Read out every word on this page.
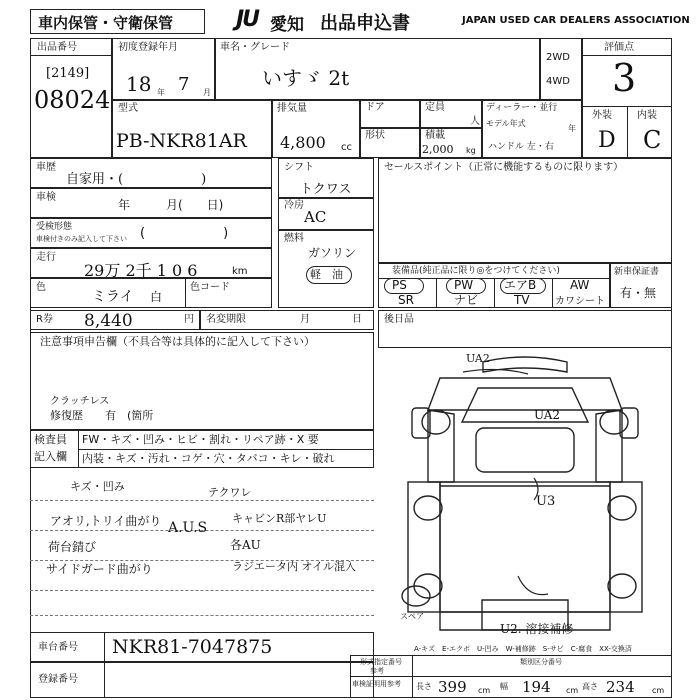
車内保管・守衛保管	JU 愛知 出品申込書	JAPAN USED CAR DEALERS ASSOCIATION
出品番号
[2149]
08024
初度登録年月
18 年 7 月
車名・グレード
いすゞ 2t
2WD
4WD
評価点
3
外装	内装
D C
型式
PB-NKR81AR
排気量
4,800 cc
ドア	定員
人
形状	積載
2,000 kg
ディーラー・並行
モデル年式
年
ハンドル 左・右
車歴
自家用・(　　　　　　)
車検
年　　　月(　　日)
受検形態
車検付きのみ記入して下さい (　　　　　　)
走行
29万 2千 1 0 6	km
色
ミライ 白
色コード
シフト
トクワス
冷房
AC
燃料
ガソリン
軽　油
セールスポイント（正常に機能するものに限ります）
装備品(純正品に限り◎をつけてください)
PS	PW	エアB	AW
SR	ナビ	TV	カワシート
新車保証書
有・無
R券 8,440	円 名変期限	月	日 後日品
注意事項申告欄（不具合等は具体的に記入して下さい）
クラッチレス
修復歴　　有　(箇所
検査員
記入欄
FW・キズ・凹み・ヒビ・割れ・リペア跡・X 要
内装・キズ・汚れ・コゲ・穴・タバコ・キレ・破れ
キズ・凹み
アオリ,トリイ曲がり
荷台錆び
サイドガード曲がり
A.U.S
テクワレ
キャビンR部ヤレU
各AU
ラジエータ内 オイル混入
UA2
UA2
U3
U2. 溶接補修
スペア
A-キズ　E-エクボ　U-凹み　W-補修跡　S-サビ　C-腐食　XX-交換済
車台番号 NKR81-7047875
登録番号
形式指定番号
参考
類別区分番号
車検証明用参考 長さ 399 cm 幅 194 cm 高さ 234 cm
